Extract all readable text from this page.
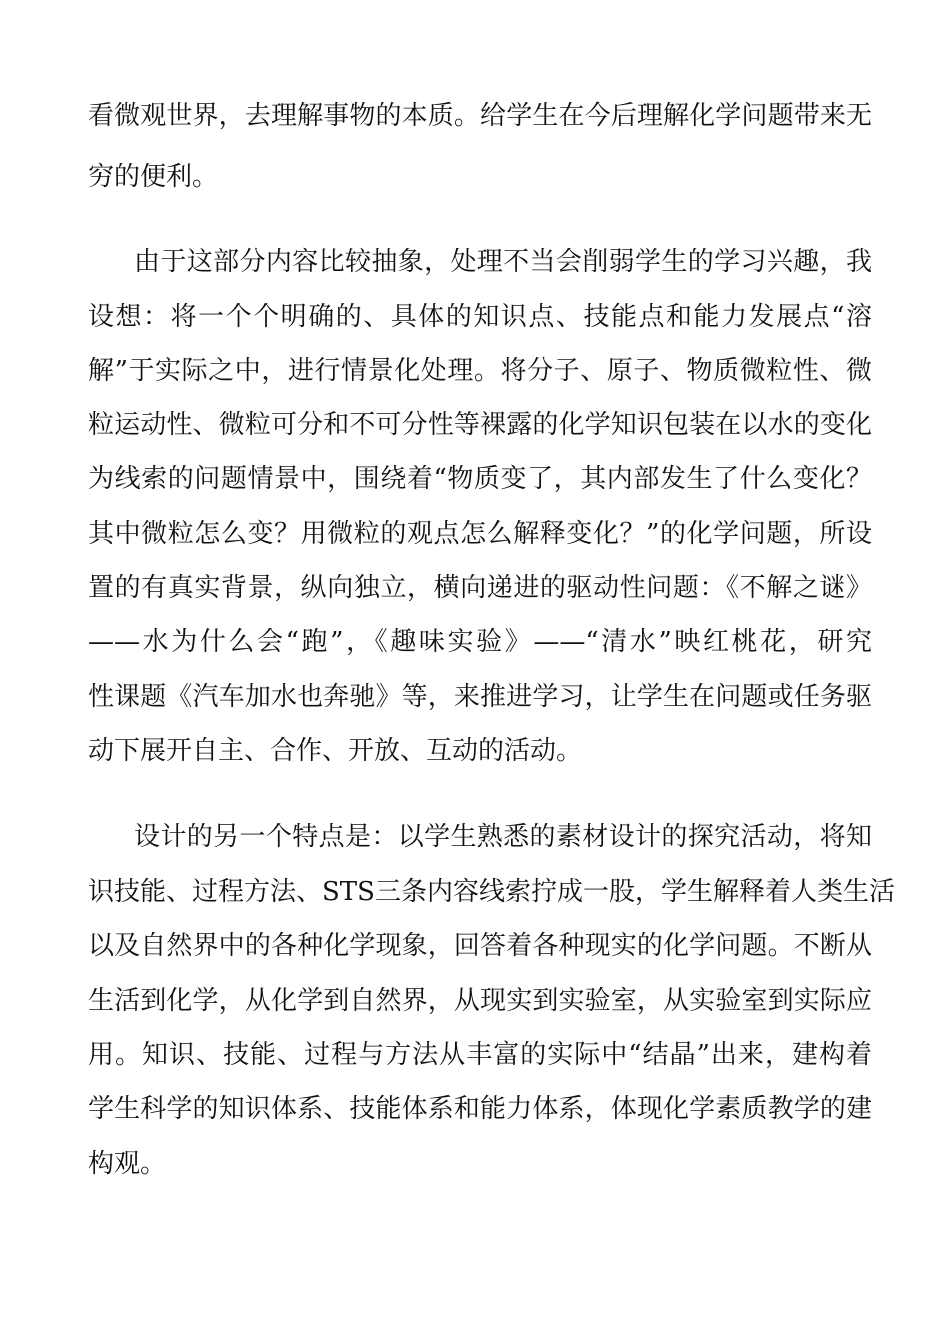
看微观世界，去理解事物的本质。给学生在今后理解化学问题带来无
穷的便利。
由于这部分内容比较抽象，处理不当会削弱学生的学习兴趣，我
设想：将一个个明确的、具体的知识点、技能点和能力发展点“溶
解”于实际之中，进行情景化处理。将分子、原子、物质微粒性、微
粒运动性、微粒可分和不可分性等裸露的化学知识包装在以水的变化
为线索的问题情景中，围绕着“物质变了，其内部发生了什么变化？
其中微粒怎么变？用微粒的观点怎么解释变化？”的化学问题，所设
置的有真实背景，纵向独立，横向递进的驱动性问题：《不解之谜》
——水为什么会“跑”，《趣味实验》——“清水”映红桃花，研究
性课题《汽车加水也奔驰》等，来推进学习，让学生在问题或任务驱
动下展开自主、合作、开放、互动的活动。
设计的另一个特点是：以学生熟悉的素材设计的探究活动，将知
识技能、过程方法、STS三条内容线索拧成一股，学生解释着人类生活
以及自然界中的各种化学现象，回答着各种现实的化学问题。不断从
生活到化学，从化学到自然界，从现实到实验室，从实验室到实际应
用。知识、技能、过程与方法从丰富的实际中“结晶”出来，建构着
学生科学的知识体系、技能体系和能力体系，体现化学素质教学的建
构观。
